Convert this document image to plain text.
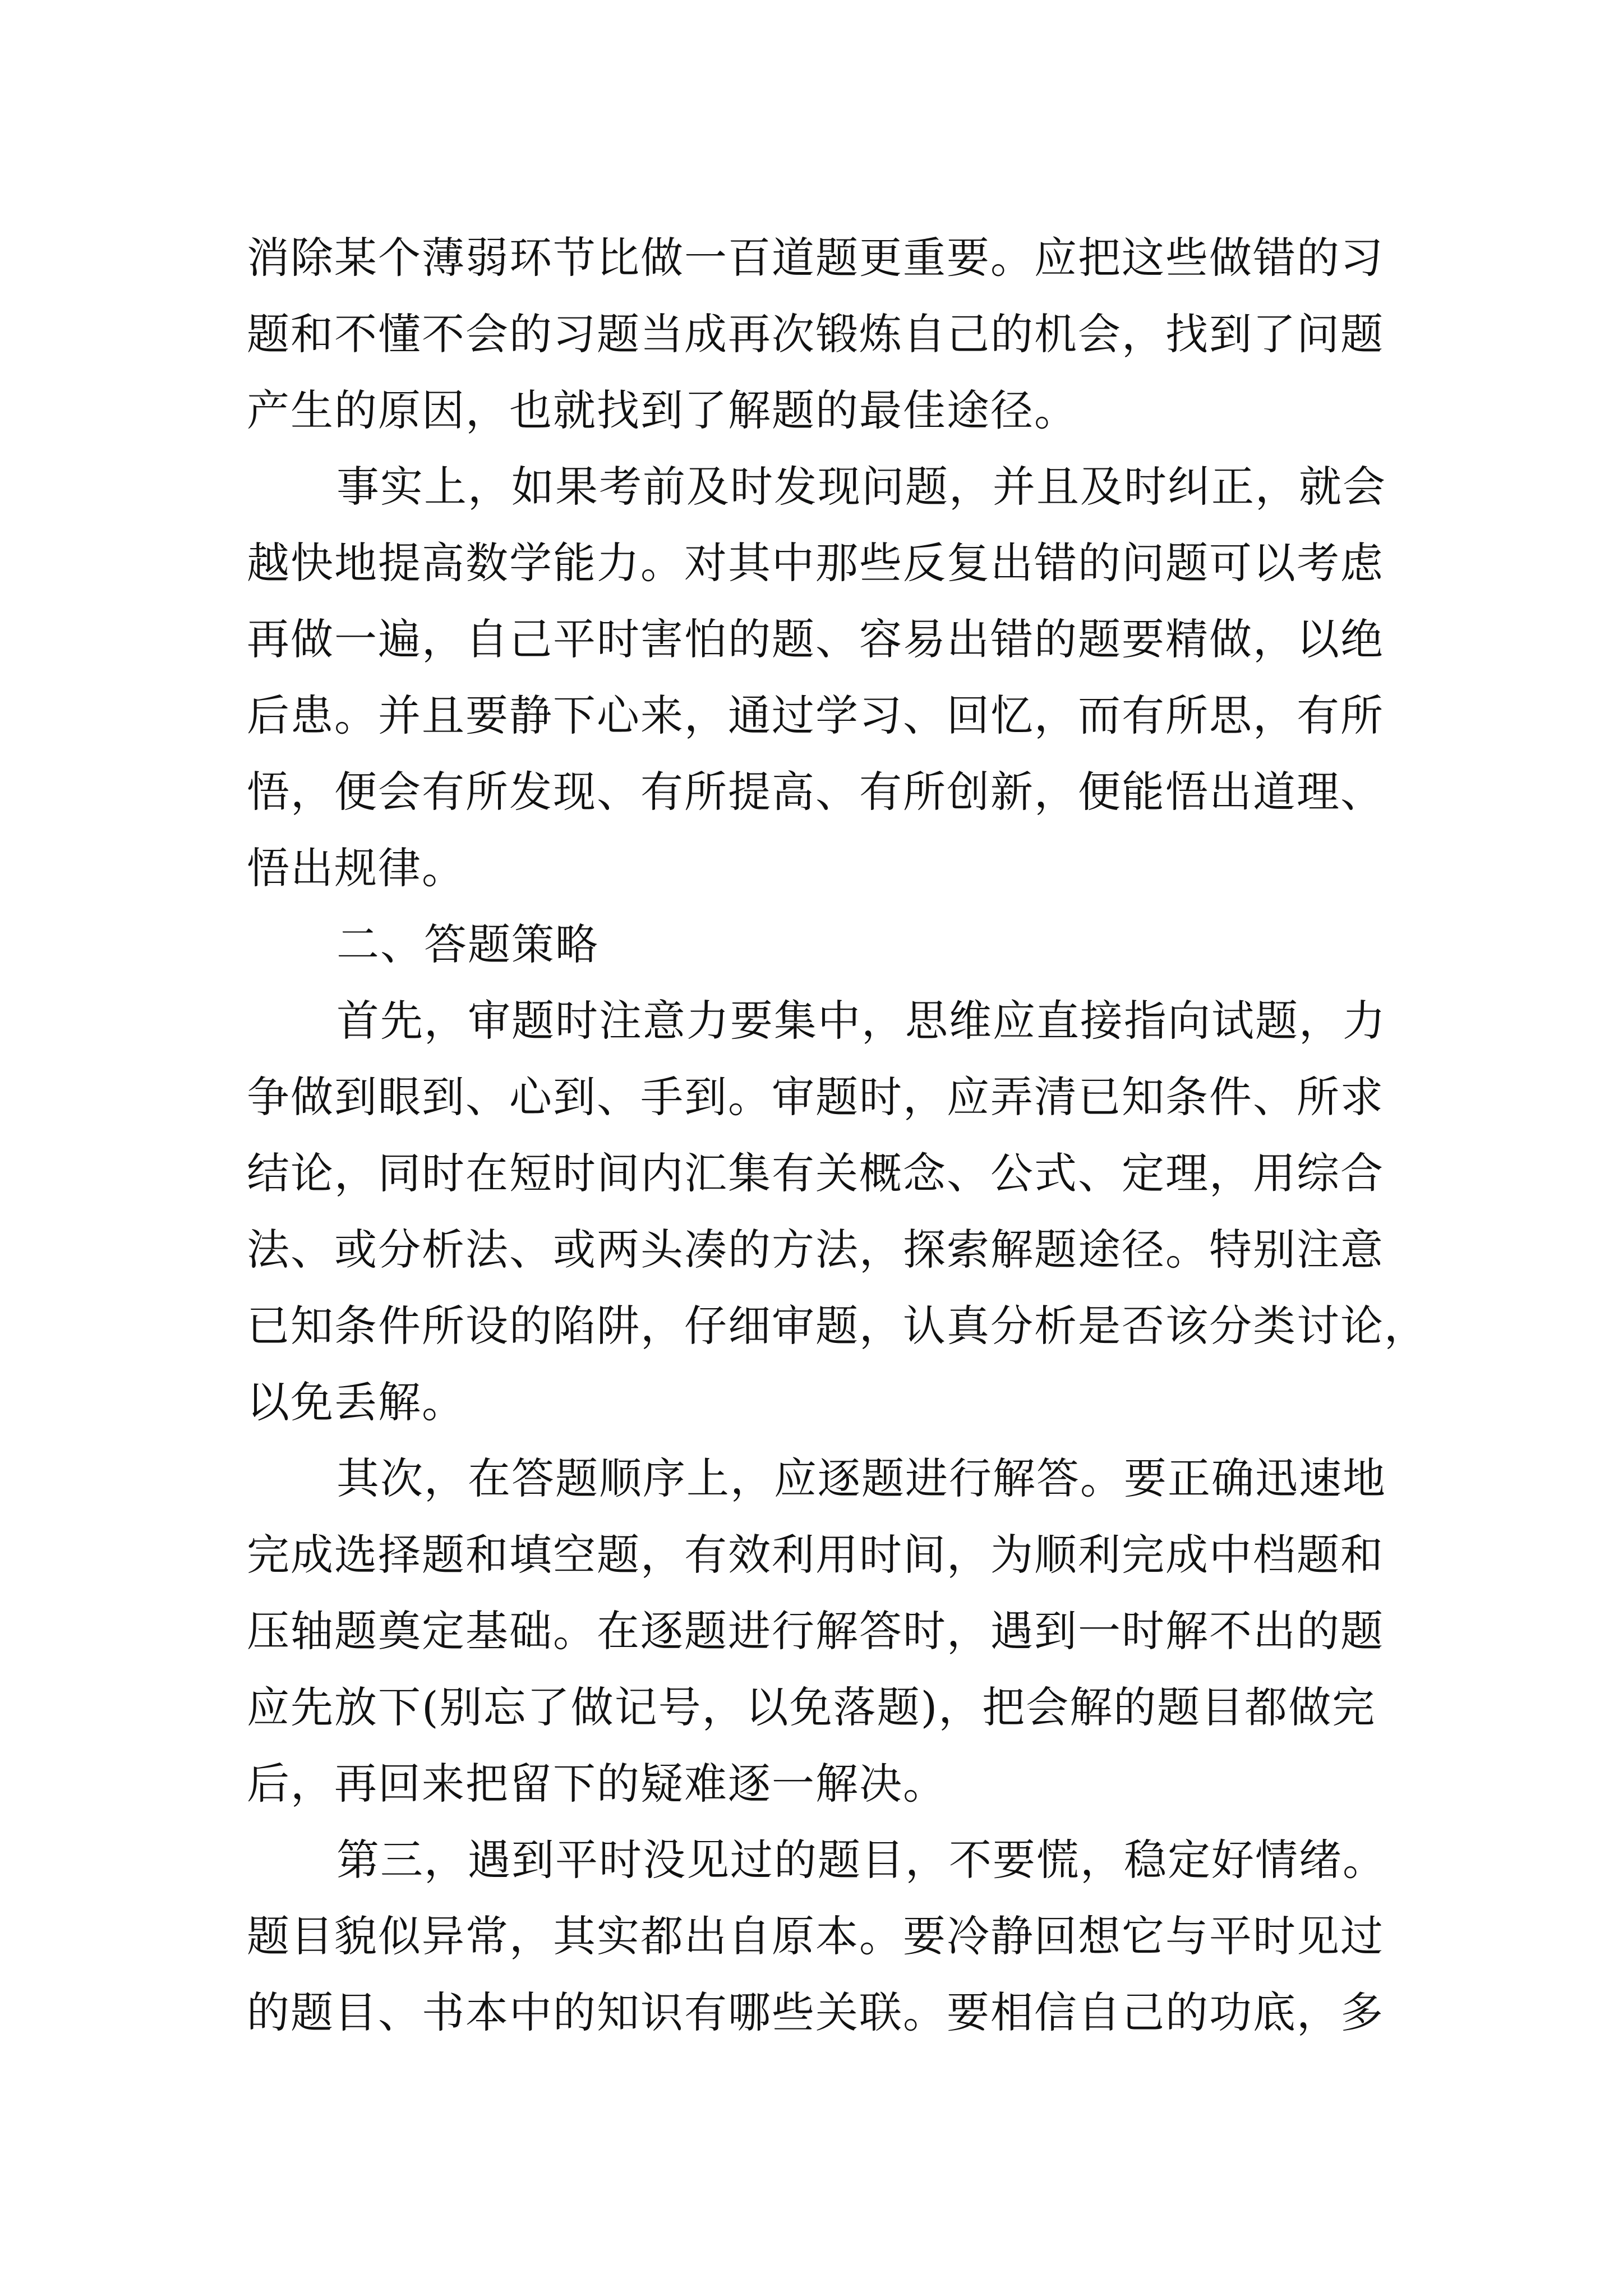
消除某个薄弱环节比做一百道题更重要。应把这些做错的习
题和不懂不会的习题当成再次锻炼自己的机会，找到了问题
产生的原因，也就找到了解题的最佳途径。
事实上，如果考前及时发现问题，并且及时纠正，就会
越快地提高数学能力。对其中那些反复出错的问题可以考虑
再做一遍，自己平时害怕的题、容易出错的题要精做，以绝
后患。并且要静下心来，通过学习、回忆，而有所思，有所
悟，便会有所发现、有所提高、有所创新，便能悟出道理、
悟出规律。
二、答题策略
首先，审题时注意力要集中，思维应直接指向试题，力
争做到眼到、心到、手到。审题时，应弄清已知条件、所求
结论，同时在短时间内汇集有关概念、公式、定理，用综合
法、或分析法、或两头凑的方法，探索解题途径。特别注意
已知条件所设的陷阱，仔细审题，认真分析是否该分类讨论，
以免丢解。
其次，在答题顺序上，应逐题进行解答。要正确迅速地
完成选择题和填空题，有效利用时间，为顺利完成中档题和
压轴题奠定基础。在逐题进行解答时，遇到一时解不出的题
应先放下(别忘了做记号，以免落题)，把会解的题目都做完
后，再回来把留下的疑难逐一解决。
第三，遇到平时没见过的题目，不要慌，稳定好情绪。
题目貌似异常，其实都出自原本。要冷静回想它与平时见过
的题目、书本中的知识有哪些关联。要相信自己的功底，多
